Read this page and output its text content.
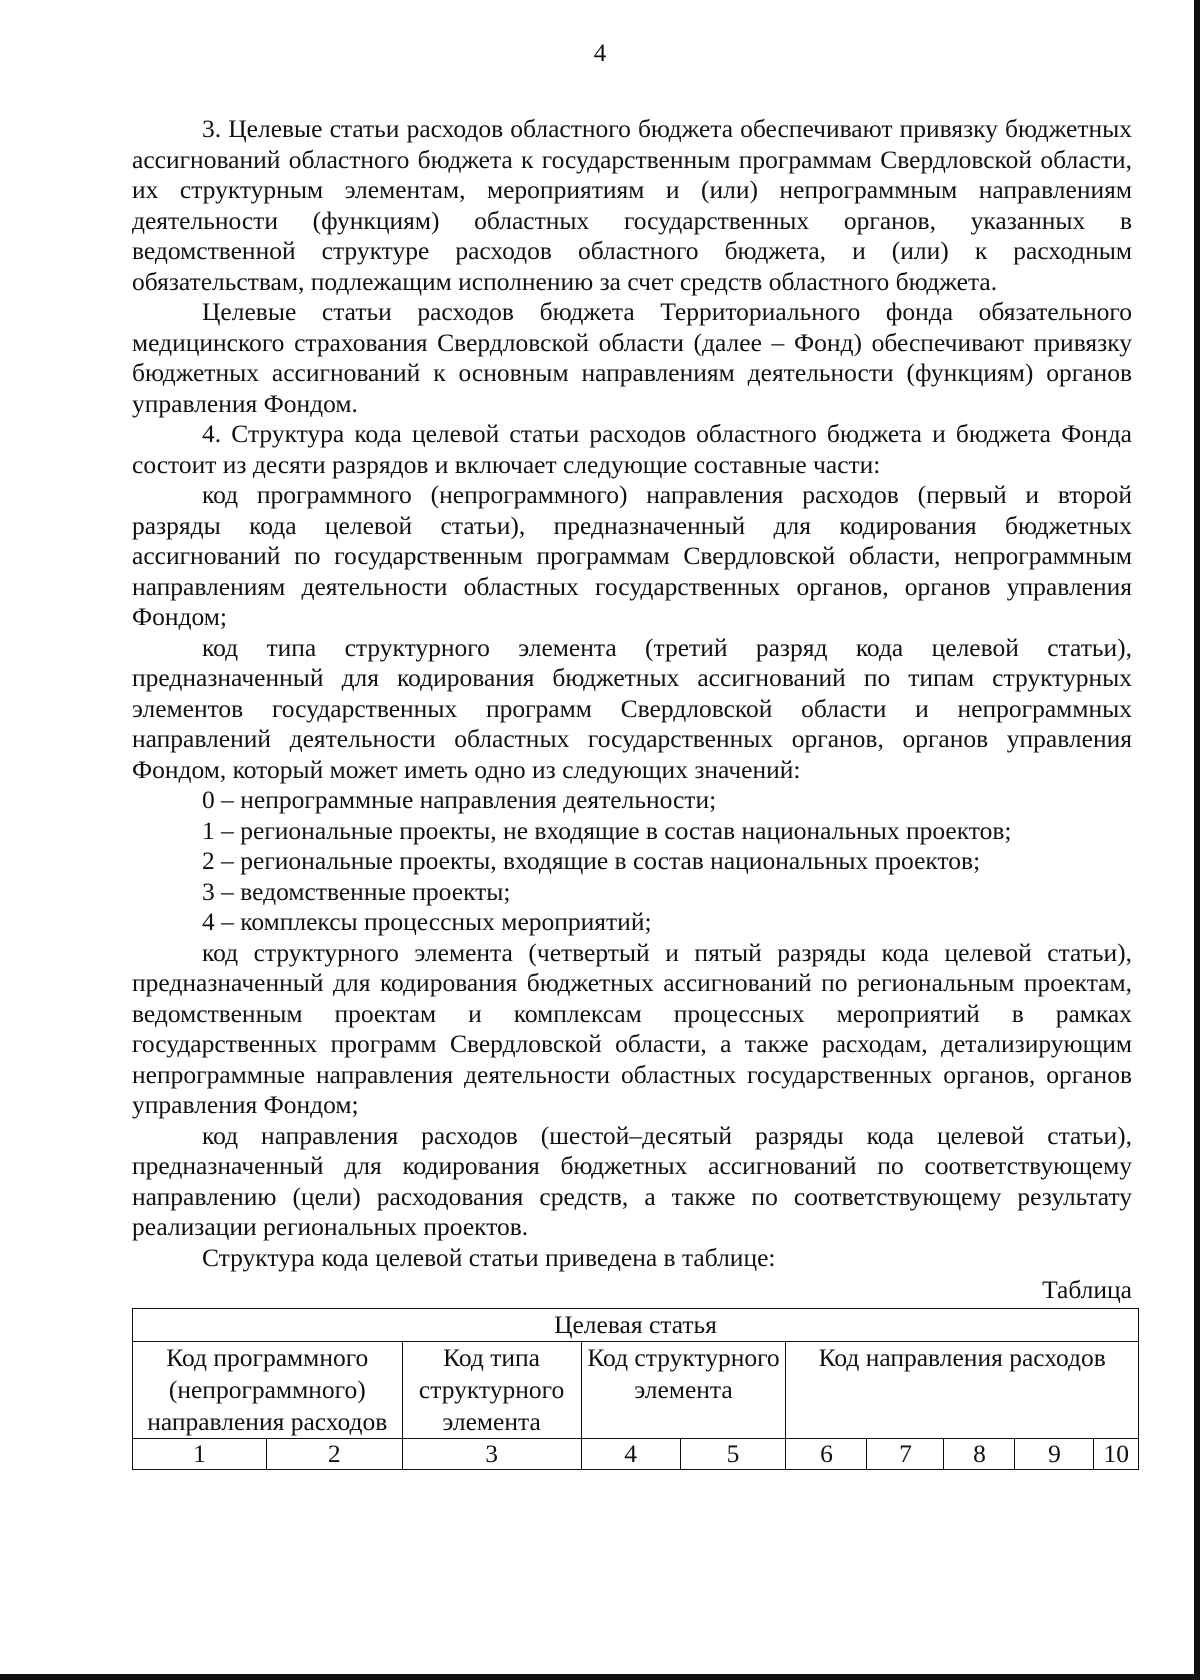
4

3. Целевые статьи расходов областного бюджета обеспечивают привязку бюджетных ассигнований областного бюджета к государственным программам Свердловской области, их структурным элементам, мероприятиям и (или) непрограммным направлениям деятельности (функциям) областных государственных органов, указанных в ведомственной структуре расходов областного бюджета, и (или) к расходным обязательствам, подлежащим исполнению за счет средств областного бюджета.

Целевые статьи расходов бюджета Территориального фонда обязательного медицинского страхования Свердловской области (далее – Фонд) обеспечивают привязку бюджетных ассигнований к основным направлениям деятельности (функциям) органов управления Фондом.

4. Структура кода целевой статьи расходов областного бюджета и бюджета Фонда состоит из десяти разрядов и включает следующие составные части:

код программного (непрограммного) направления расходов (первый и второй разряды кода целевой статьи), предназначенный для кодирования бюджетных ассигнований по государственным программам Свердловской области, непрограммным направлениям деятельности областных государственных органов, органов управления Фондом;

код типа структурного элемента (третий разряд кода целевой статьи), предназначенный для кодирования бюджетных ассигнований по типам структурных элементов государственных программ Свердловской области и непрограммных направлений деятельности областных государственных органов, органов управления Фондом, который может иметь одно из следующих значений:

0 – непрограммные направления деятельности;

1 – региональные проекты, не входящие в состав национальных проектов;

2 – региональные проекты, входящие в состав национальных проектов;

3 – ведомственные проекты;

4 – комплексы процессных мероприятий;

код структурного элемента (четвертый и пятый разряды кода целевой статьи), предназначенный для кодирования бюджетных ассигнований по региональным проектам, ведомственным проектам и комплексам процессных мероприятий в рамках государственных программ Свердловской области, а также расходам, детализирующим непрограммные направления деятельности областных государственных органов, органов управления Фондом;

код направления расходов (шестой–десятый разряды кода целевой статьи), предназначенный для кодирования бюджетных ассигнований по соответствующему направлению (цели) расходования средств, а также по соответствующему результату реализации региональных проектов.

Структура кода целевой статьи приведена в таблице:

Таблица
Целевая статья									
Код программного (непрограммного) направления расходов		Код типа структурного элемента	Код структурного элемента		Код направления расходов				
1	2	3	4	5	6	7	8	9	10
